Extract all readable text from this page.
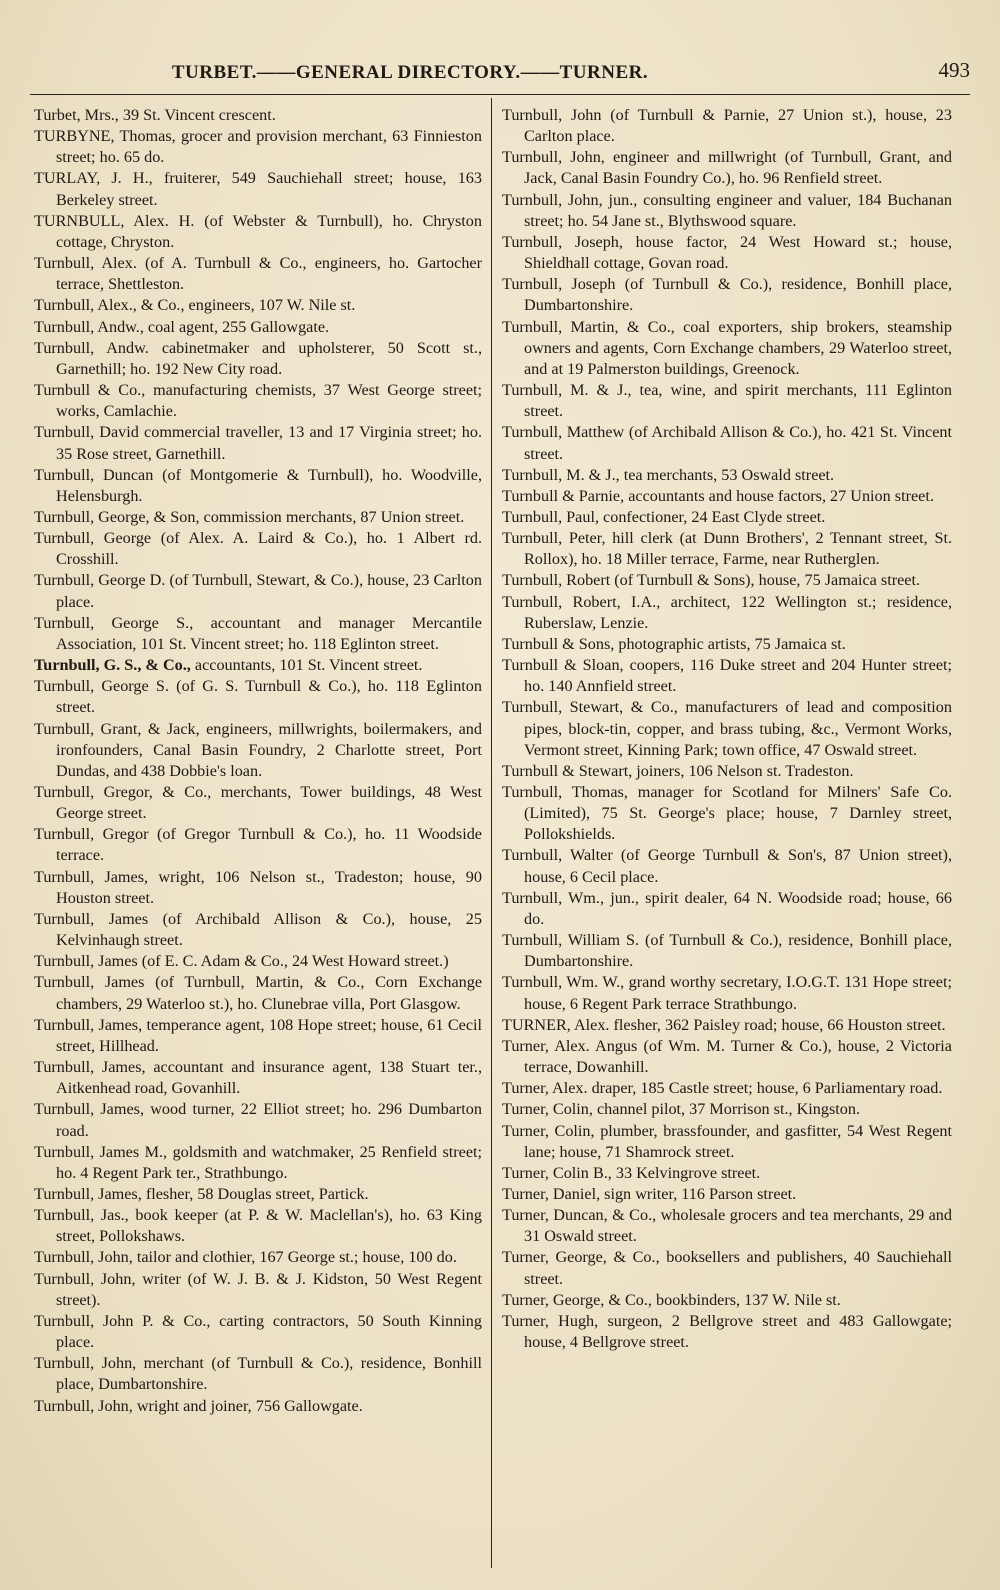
TURBET.——GENERAL DIRECTORY.——TURNER.	493

Turbet, Mrs., 39 St. Vincent crescent.

TURBYNE, Thomas, grocer and provision merchant, 63 Finnieston street; ho. 65 do.

TURLAY, J. H., fruiterer, 549 Sauchiehall street; house, 163 Berkeley street.

TURNBULL, Alex. H. (of Webster & Turnbull), ho. Chryston cottage, Chryston.

Turnbull, Alex. (of A. Turnbull & Co., engineers, ho. Gartocher terrace, Shettleston.

Turnbull, Alex., & Co., engineers, 107 W. Nile st.

Turnbull, Andw., coal agent, 255 Gallowgate.

Turnbull, Andw. cabinetmaker and upholsterer, 50 Scott st., Garnethill; ho. 192 New City road.

Turnbull & Co., manufacturing chemists, 37 West George street; works, Camlachie.

Turnbull, David commercial traveller, 13 and 17 Virginia street; ho. 35 Rose street, Garnethill.

Turnbull, Duncan (of Montgomerie & Turnbull), ho. Woodville, Helensburgh.

Turnbull, George, & Son, commission merchants, 87 Union street.

Turnbull, George (of Alex. A. Laird & Co.), ho. 1 Albert rd. Crosshill.

Turnbull, George D. (of Turnbull, Stewart, & Co.), house, 23 Carlton place.

Turnbull, George S., accountant and manager Mercantile Association, 101 St. Vincent street; ho. 118 Eglinton street.

Turnbull, G. S., & Co., accountants, 101 St. Vincent street.

Turnbull, George S. (of G. S. Turnbull & Co.), ho. 118 Eglinton street.

Turnbull, Grant, & Jack, engineers, millwrights, boilermakers, and ironfounders, Canal Basin Foundry, 2 Charlotte street, Port Dundas, and 438 Dobbie's loan.

Turnbull, Gregor, & Co., merchants, Tower buildings, 48 West George street.

Turnbull, Gregor (of Gregor Turnbull & Co.), ho. 11 Woodside terrace.

Turnbull, James, wright, 106 Nelson st., Tradeston; house, 90 Houston street.

Turnbull, James (of Archibald Allison & Co.), house, 25 Kelvinhaugh street.

Turnbull, James (of E. C. Adam & Co., 24 West Howard street.)

Turnbull, James (of Turnbull, Martin, & Co., Corn Exchange chambers, 29 Waterloo st.), ho. Clunebrae villa, Port Glasgow.

Turnbull, James, temperance agent, 108 Hope street; house, 61 Cecil street, Hillhead.

Turnbull, James, accountant and insurance agent, 138 Stuart ter., Aitkenhead road, Govanhill.

Turnbull, James, wood turner, 22 Elliot street; ho. 296 Dumbarton road.

Turnbull, James M., goldsmith and watchmaker, 25 Renfield street; ho. 4 Regent Park ter., Strathbungo.

Turnbull, James, flesher, 58 Douglas street, Partick.

Turnbull, Jas., book keeper (at P. & W. Maclellan's), ho. 63 King street, Pollokshaws.

Turnbull, John, tailor and clothier, 167 George st.; house, 100 do.

Turnbull, John, writer (of W. J. B. & J. Kidston, 50 West Regent street).

Turnbull, John P. & Co., carting contractors, 50 South Kinning place.

Turnbull, John, merchant (of Turnbull & Co.), residence, Bonhill place, Dumbartonshire.

Turnbull, John, wright and joiner, 756 Gallowgate.

Turnbull, John (of Turnbull & Parnie, 27 Union st.), house, 23 Carlton place.

Turnbull, John, engineer and millwright (of Turnbull, Grant, and Jack, Canal Basin Foundry Co.), ho. 96 Renfield street.

Turnbull, John, jun., consulting engineer and valuer, 184 Buchanan street; ho. 54 Jane st., Blythswood square.

Turnbull, Joseph, house factor, 24 West Howard st.; house, Shieldhall cottage, Govan road.

Turnbull, Joseph (of Turnbull & Co.), residence, Bonhill place, Dumbartonshire.

Turnbull, Martin, & Co., coal exporters, ship brokers, steamship owners and agents, Corn Exchange chambers, 29 Waterloo street, and at 19 Palmerston buildings, Greenock.

Turnbull, M. & J., tea, wine, and spirit merchants, 111 Eglinton street.

Turnbull, Matthew (of Archibald Allison & Co.), ho. 421 St. Vincent street.

Turnbull, M. & J., tea merchants, 53 Oswald street.

Turnbull & Parnie, accountants and house factors, 27 Union street.

Turnbull, Paul, confectioner, 24 East Clyde street.

Turnbull, Peter, hill clerk (at Dunn Brothers', 2 Tennant street, St. Rollox), ho. 18 Miller terrace, Farme, near Rutherglen.

Turnbull, Robert (of Turnbull & Sons), house, 75 Jamaica street.

Turnbull, Robert, I.A., architect, 122 Wellington st.; residence, Ruberslaw, Lenzie.

Turnbull & Sons, photographic artists, 75 Jamaica st.

Turnbull & Sloan, coopers, 116 Duke street and 204 Hunter street; ho. 140 Annfield street.

Turnbull, Stewart, & Co., manufacturers of lead and composition pipes, block-tin, copper, and brass tubing, &c., Vermont Works, Vermont street, Kinning Park; town office, 47 Oswald street.

Turnbull & Stewart, joiners, 106 Nelson st. Tradeston.

Turnbull, Thomas, manager for Scotland for Milners' Safe Co. (Limited), 75 St. George's place; house, 7 Darnley street, Pollokshields.

Turnbull, Walter (of George Turnbull & Son's, 87 Union street), house, 6 Cecil place.

Turnbull, Wm., jun., spirit dealer, 64 N. Woodside road; house, 66 do.

Turnbull, William S. (of Turnbull & Co.), residence, Bonhill place, Dumbartonshire.

Turnbull, Wm. W., grand worthy secretary, I.O.G.T. 131 Hope street; house, 6 Regent Park terrace Strathbungo.

TURNER, Alex. flesher, 362 Paisley road; house, 66 Houston street.

Turner, Alex. Angus (of Wm. M. Turner & Co.), house, 2 Victoria terrace, Dowanhill.

Turner, Alex. draper, 185 Castle street; house, 6 Parliamentary road.

Turner, Colin, channel pilot, 37 Morrison st., Kingston.

Turner, Colin, plumber, brassfounder, and gasfitter, 54 West Regent lane; house, 71 Shamrock street.

Turner, Colin B., 33 Kelvingrove street.

Turner, Daniel, sign writer, 116 Parson street.

Turner, Duncan, & Co., wholesale grocers and tea merchants, 29 and 31 Oswald street.

Turner, George, & Co., booksellers and publishers, 40 Sauchiehall street.

Turner, George, & Co., bookbinders, 137 W. Nile st.

Turner, Hugh, surgeon, 2 Bellgrove street and 483 Gallowgate; house, 4 Bellgrove street.
